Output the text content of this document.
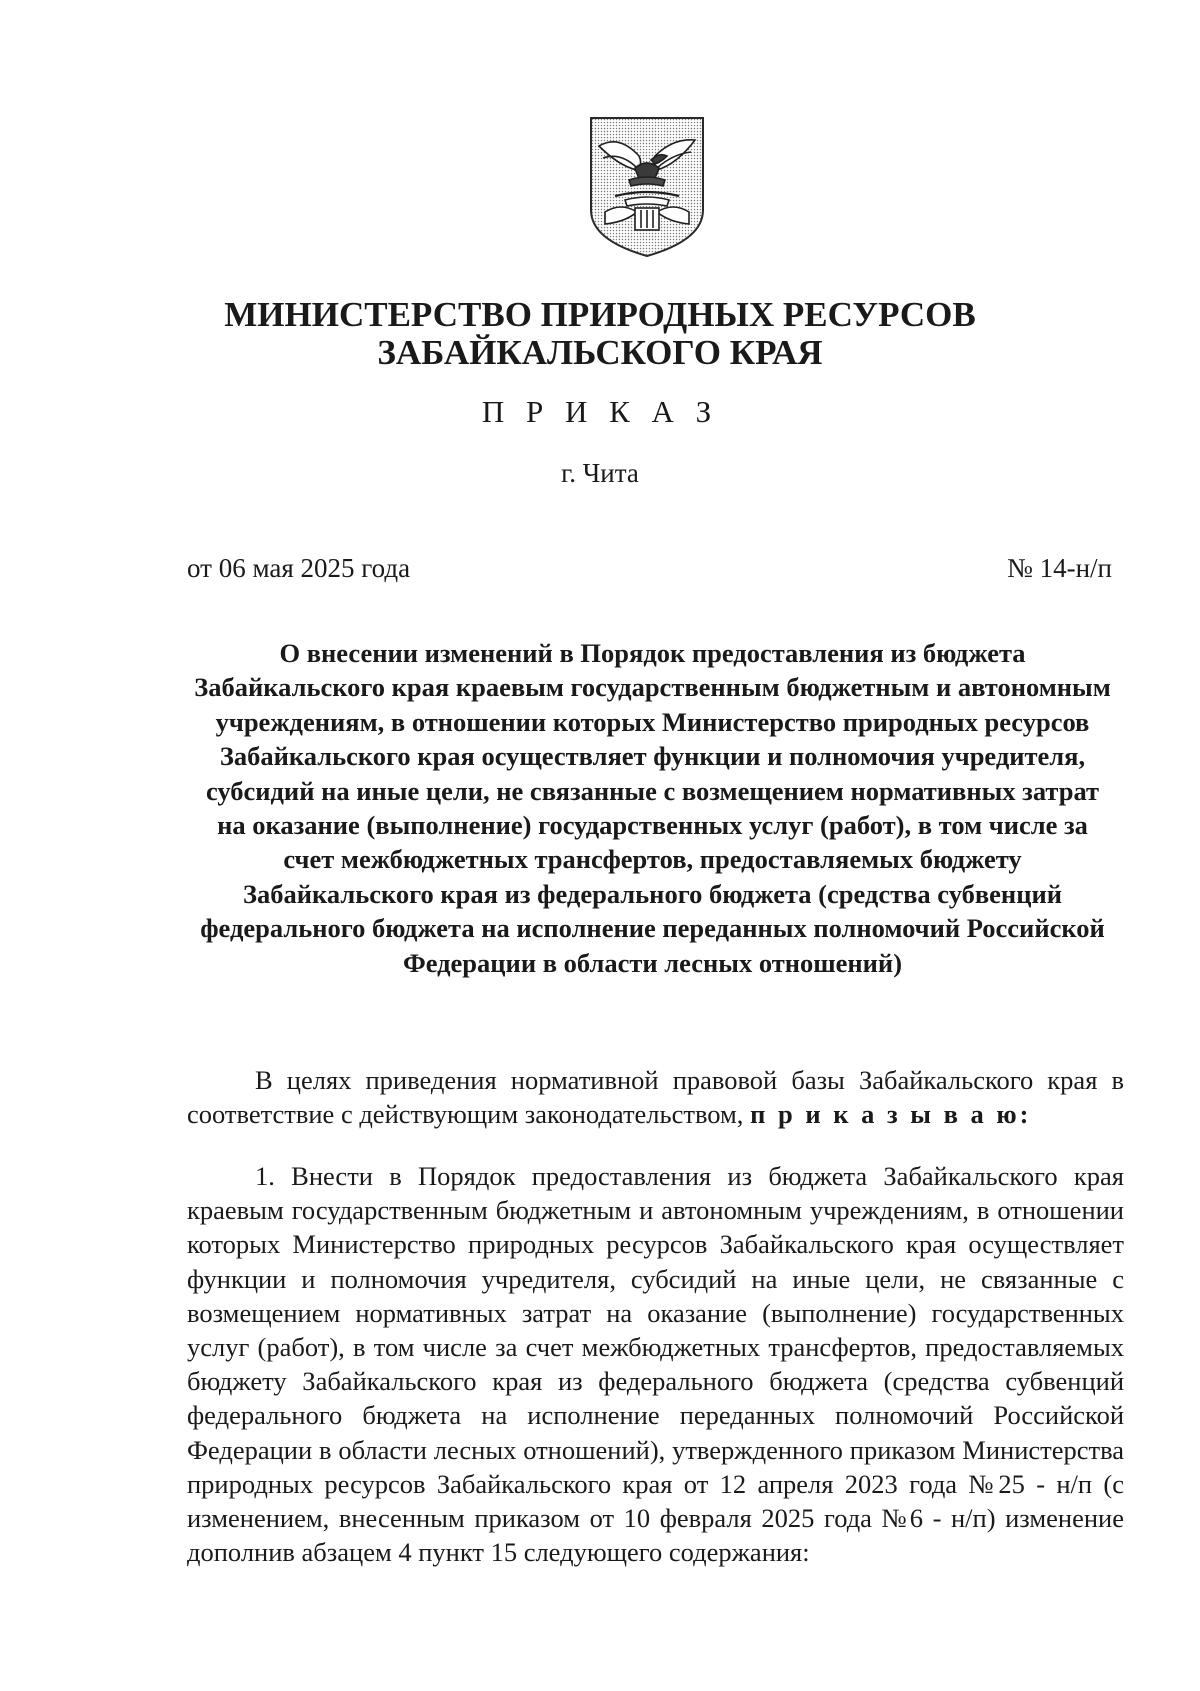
МИНИСТЕРСТВО ПРИРОДНЫХ РЕСУРСОВ
ЗАБАЙКАЛЬСКОГО КРАЯ
П Р И К А З
г. Чита
от 06 мая 2025 года	№ 14-н/п
О внесении изменений в Порядок предоставления из бюджета Забайкальского края краевым государственным бюджетным и автономным учреждениям, в отношении которых Министерство природных ресурсов Забайкальского края осуществляет функции и полномочия учредителя, субсидий на иные цели, не связанные с возмещением нормативных затрат на оказание (выполнение) государственных услуг (работ), в том числе за счет межбюджетных трансфертов, предоставляемых бюджету Забайкальского края из федерального бюджета (средства субвенций федерального бюджета на исполнение переданных полномочий Российской Федерации в области лесных отношений)

В целях приведения нормативной правовой базы Забайкальского края в соответствие с действующим законодательством, п р и к а з ы в а ю:

1. Внести в Порядок предоставления из бюджета Забайкальского края краевым государственным бюджетным и автономным учреждениям, в отношении которых Министерство природных ресурсов Забайкальского края осуществляет функции и полномочия учредителя, субсидий на иные цели, не связанные с возмещением нормативных затрат на оказание (выполнение) государственных услуг (работ), в том числе за счет межбюджетных трансфертов, предоставляемых бюджету Забайкальского края из федерального бюджета (средства субвенций федерального бюджета на исполнение переданных полномочий Российской Федерации в области лесных отношений), утвержденного приказом Министерства природных ресурсов Забайкальского края от 12 апреля 2023 года №25 - н/п (с изменением, внесенным приказом от 10 февраля 2025 года №6 - н/п) изменение дополнив абзацем 4 пункт 15 следующего содержания:
